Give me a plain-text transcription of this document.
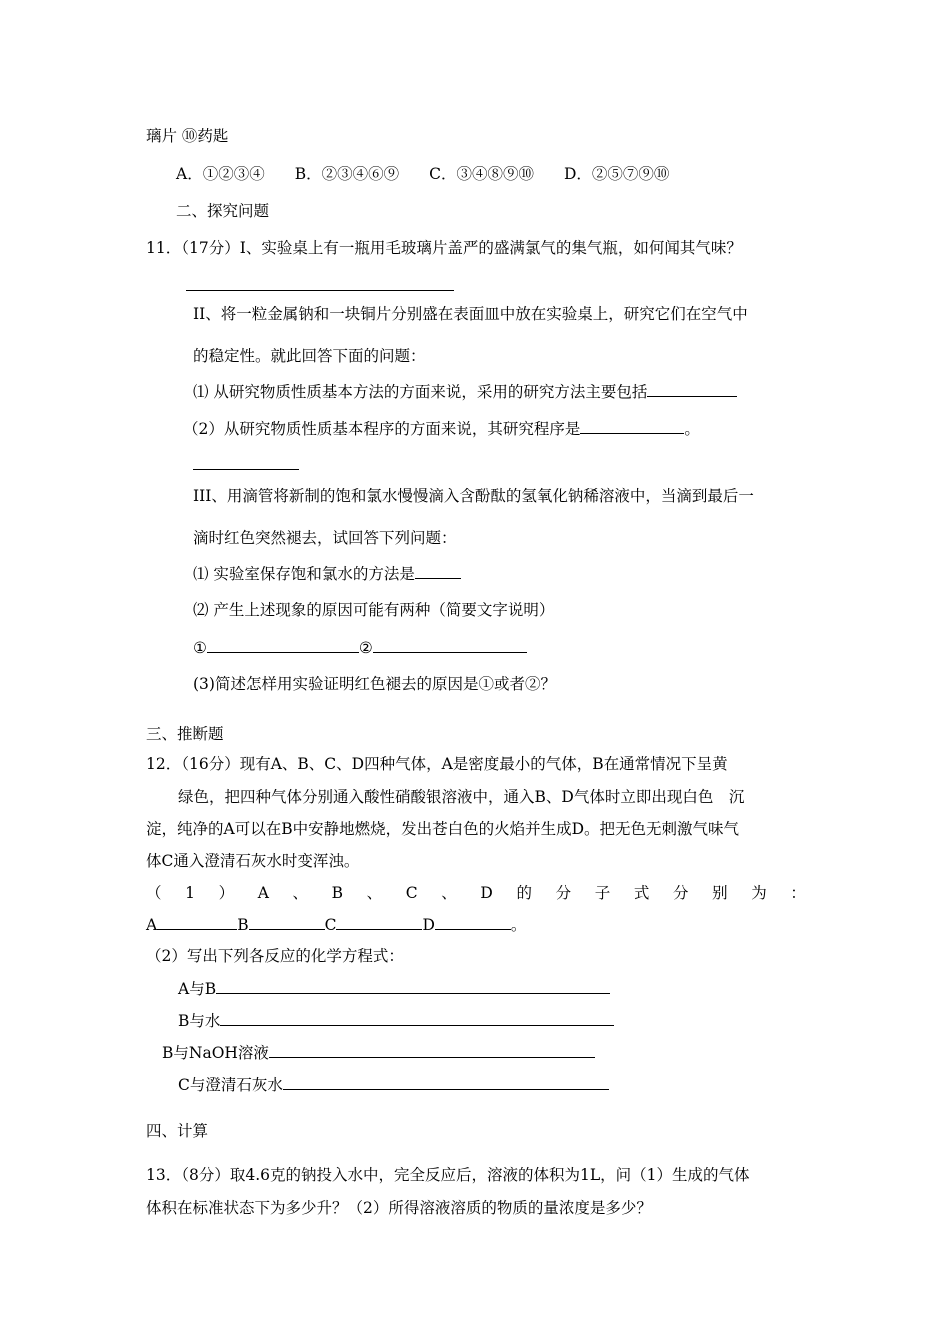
璃片 ⑩药匙
A．①②③④ B．②③④⑥⑨ C．③④⑧⑨⑩ D．②⑤⑦⑨⑩
二、探究问题
11．（17分）I、实验桌上有一瓶用毛玻璃片盖严的盛满氯气的集气瓶，如何闻其气味？
II、将一粒金属钠和一块铜片分别盛在表面皿中放在实验桌上，研究它们在空气中
的稳定性。就此回答下面的问题：
⑴ 从研究物质性质基本方法的方面来说，采用的研究方法主要包括
（2）从研究物质性质基本程序的方面来说，其研究程序是	。
III、用滴管将新制的饱和氯水慢慢滴入含酚酞的氢氧化钠稀溶液中，当滴到最后一
滴时红色突然褪去，试回答下列问题：
⑴ 实验室保存饱和氯水的方法是
⑵ 产生上述现象的原因可能有两种（简要文字说明）
①	②
(3)简述怎样用实验证明红色褪去的原因是①或者②？
三、推断题
12．（16分）现有A、B、C、D四种气体，A是密度最小的气体，B在通常情况下呈黄
绿色，把四种气体分别通入酸性硝酸银溶液中，通入B、D气体时立即出现白色　沉
淀，纯净的A可以在B中安静地燃烧，发出苍白色的火焰并生成D。把无色无刺激气味气
体C通入澄清石灰水时变浑浊。
（ 1 ） A 、 B 、 C 、 D 的 分 子 式 分 别 为 ：
A	B	C	D	。
（2）写出下列各反应的化学方程式：
A与B
B与水
B与NaOH溶液
C与澄清石灰水
四、计算
13．（8分）取4.6克的钠投入水中，完全反应后，溶液的体积为1L，问（1）生成的气体
体积在标准状态下为多少升？（2）所得溶液溶质的物质的量浓度是多少？
